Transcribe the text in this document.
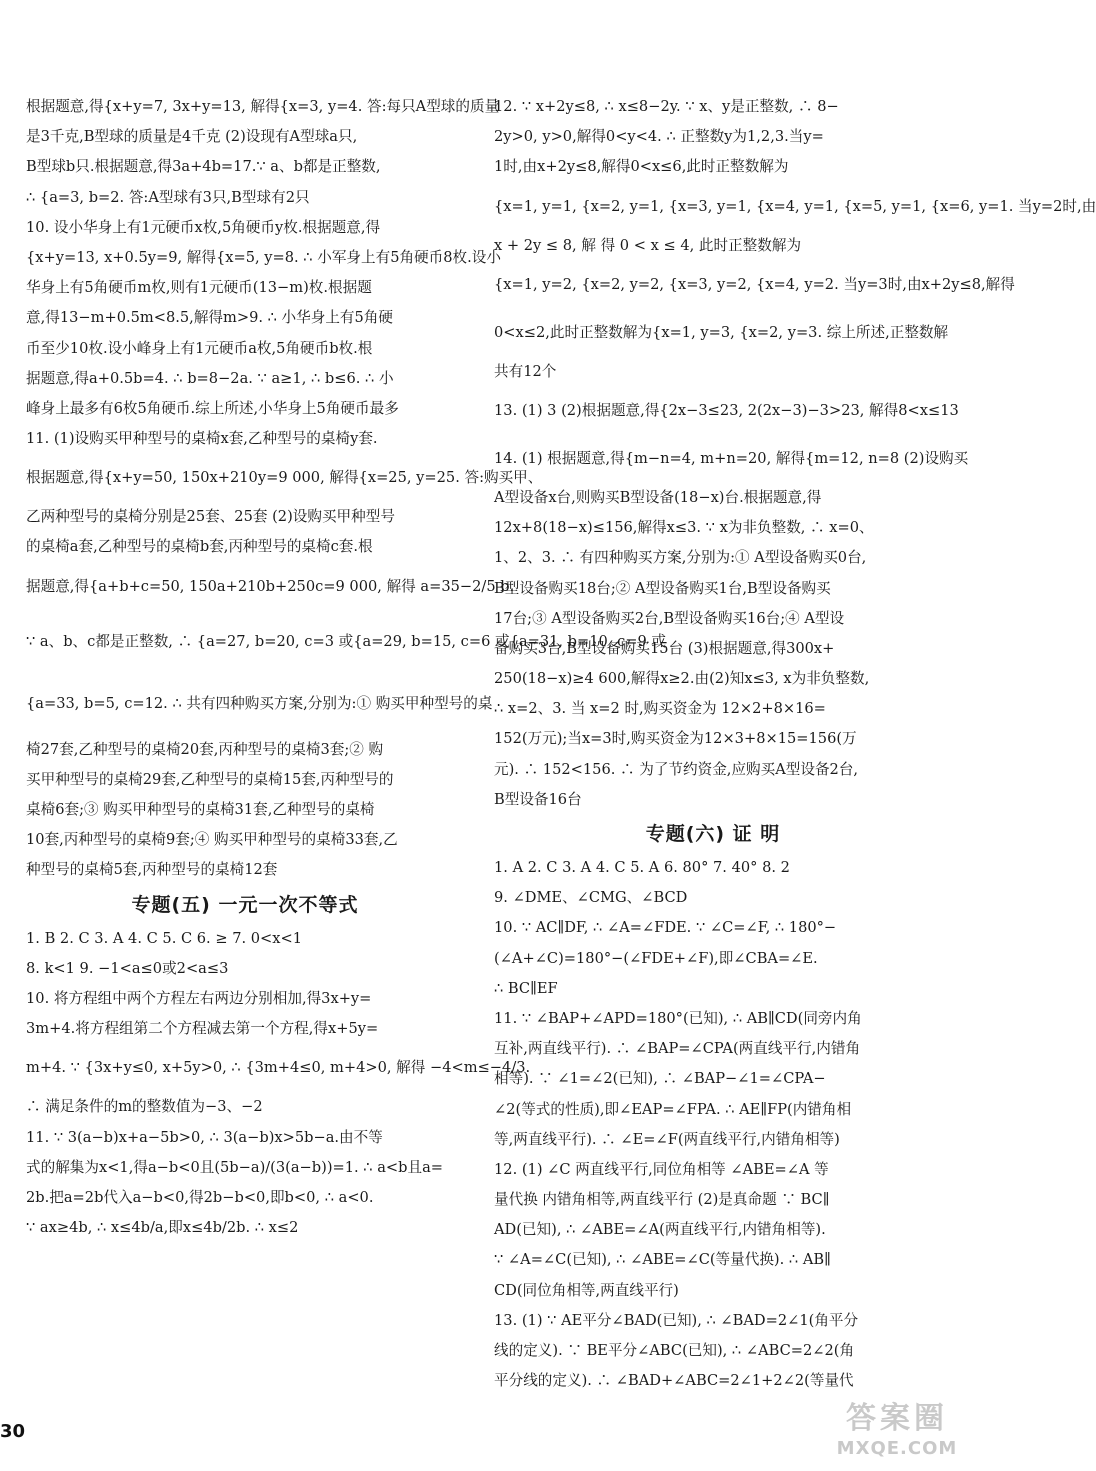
根据题意,得{x+y=7, 3x+y=13, 解得{x=3, y=4. 答:每只A型球的质量
是3千克,B型球的质量是4千克 (2)设现有A型球a只,
B型球b只.根据题意,得3a+4b=17.∵ a、b都是正整数,
∴ {a=3, b=2. 答:A型球有3只,B型球有2只
10. 设小华身上有1元硬币x枚,5角硬币y枚.根据题意,得
{x+y=13, x+0.5y=9, 解得{x=5, y=8. ∴ 小军身上有5角硬币8枚.设小
华身上有5角硬币m枚,则有1元硬币(13−m)枚.根据题
意,得13−m+0.5m<8.5,解得m>9. ∴ 小华身上有5角硬
币至少10枚.设小峰身上有1元硬币a枚,5角硬币b枚.根
据题意,得a+0.5b=4. ∴ b=8−2a. ∵ a≥1, ∴ b≤6. ∴ 小
峰身上最多有6枚5角硬币.综上所述,小华身上5角硬币最多
11. (1)设购买甲种型号的桌椅x套,乙种型号的桌椅y套.
根据题意,得{x+y=50, 150x+210y=9 000, 解得{x=25, y=25. 答:购买甲、
乙两种型号的桌椅分别是25套、25套 (2)设购买甲种型号
的桌椅a套,乙种型号的桌椅b套,丙种型号的桌椅c套.根
据题意,得{a+b+c=50, 150a+210b+250c=9 000, 解得 a=35−2/5 b.
∵ a、b、c都是正整数, ∴ {a=27, b=20, c=3 或{a=29, b=15, c=6 或{a=31, b=10, c=9 或
{a=33, b=5, c=12. ∴ 共有四种购买方案,分别为:① 购买甲种型号的桌
椅27套,乙种型号的桌椅20套,丙种型号的桌椅3套;② 购
买甲种型号的桌椅29套,乙种型号的桌椅15套,丙种型号的
桌椅6套;③ 购买甲种型号的桌椅31套,乙种型号的桌椅
10套,丙种型号的桌椅9套;④ 购买甲种型号的桌椅33套,乙
种型号的桌椅5套,丙种型号的桌椅12套
专题(五) 一元一次不等式
1. B 2. C 3. A 4. C 5. C 6. ≥ 7. 0<x<1
8. k<1 9. −1<a≤0或2<a≤3
10. 将方程组中两个方程左右两边分别相加,得3x+y=
3m+4.将方程组第二个方程减去第一个方程,得x+5y=
m+4. ∵ {3x+y≤0, x+5y>0, ∴ {3m+4≤0, m+4>0, 解得 −4<m≤−4/3.
∴ 满足条件的m的整数值为−3、−2
11. ∵ 3(a−b)x+a−5b>0, ∴ 3(a−b)x>5b−a.由不等
式的解集为x<1,得a−b<0且(5b−a)/(3(a−b))=1. ∴ a<b且a=
2b.把a=2b代入a−b<0,得2b−b<0,即b<0, ∴ a<0.
∵ ax≥4b, ∴ x≤4b/a,即x≤4b/2b. ∴ x≤2
12. ∵ x+2y≤8, ∴ x≤8−2y. ∵ x、y是正整数, ∴ 8−
2y>0, y>0,解得0<y<4. ∴ 正整数y为1,2,3.当y=
1时,由x+2y≤8,解得0<x≤6,此时正整数解为
{x=1, y=1, {x=2, y=1, {x=3, y=1, {x=4, y=1, {x=5, y=1, {x=6, y=1. 当y=2时,由
x + 2y ≤ 8, 解 得 0 < x ≤ 4, 此时正整数解为
{x=1, y=2, {x=2, y=2, {x=3, y=2, {x=4, y=2. 当y=3时,由x+2y≤8,解得
0<x≤2,此时正整数解为{x=1, y=3, {x=2, y=3. 综上所述,正整数解
共有12个
13. (1) 3 (2)根据题意,得{2x−3≤23, 2(2x−3)−3>23, 解得8<x≤13
14. (1) 根据题意,得{m−n=4, m+n=20, 解得{m=12, n=8 (2)设购买
A型设备x台,则购买B型设备(18−x)台.根据题意,得
12x+8(18−x)≤156,解得x≤3. ∵ x为非负整数, ∴ x=0、
1、2、3. ∴ 有四种购买方案,分别为:① A型设备购买0台,
B型设备购买18台;② A型设备购买1台,B型设备购买
17台;③ A型设备购买2台,B型设备购买16台;④ A型设
备购买3台,B型设备购买15台 (3)根据题意,得300x+
250(18−x)≥4 600,解得x≥2.由(2)知x≤3, x为非负整数,
∴ x=2、3. 当 x=2 时,购买资金为 12×2+8×16=
152(万元);当x=3时,购买资金为12×3+8×15=156(万
元). ∴ 152<156. ∴ 为了节约资金,应购买A型设备2台,
B型设备16台
专题(六) 证 明
1. A 2. C 3. A 4. C 5. A 6. 80° 7. 40° 8. 2
9. ∠DME、∠CMG、∠BCD
10. ∵ AC∥DF, ∴ ∠A=∠FDE. ∵ ∠C=∠F, ∴ 180°−
(∠A+∠C)=180°−(∠FDE+∠F),即∠CBA=∠E.
∴ BC∥EF
11. ∵ ∠BAP+∠APD=180°(已知), ∴ AB∥CD(同旁内角
互补,两直线平行). ∴ ∠BAP=∠CPA(两直线平行,内错角
相等). ∵ ∠1=∠2(已知), ∴ ∠BAP−∠1=∠CPA−
∠2(等式的性质),即∠EAP=∠FPA. ∴ AE∥FP(内错角相
等,两直线平行). ∴ ∠E=∠F(两直线平行,内错角相等)
12. (1) ∠C 两直线平行,同位角相等 ∠ABE=∠A 等
量代换 内错角相等,两直线平行 (2)是真命题 ∵ BC∥
AD(已知), ∴ ∠ABE=∠A(两直线平行,内错角相等).
∵ ∠A=∠C(已知), ∴ ∠ABE=∠C(等量代换). ∴ AB∥
CD(同位角相等,两直线平行)
13. (1) ∵ AE平分∠BAD(已知), ∴ ∠BAD=2∠1(角平分
线的定义). ∵ BE平分∠ABC(已知), ∴ ∠ABC=2∠2(角
平分线的定义). ∴ ∠BAD+∠ABC=2∠1+2∠2(等量代
30	答案圈
MXQE.COM
